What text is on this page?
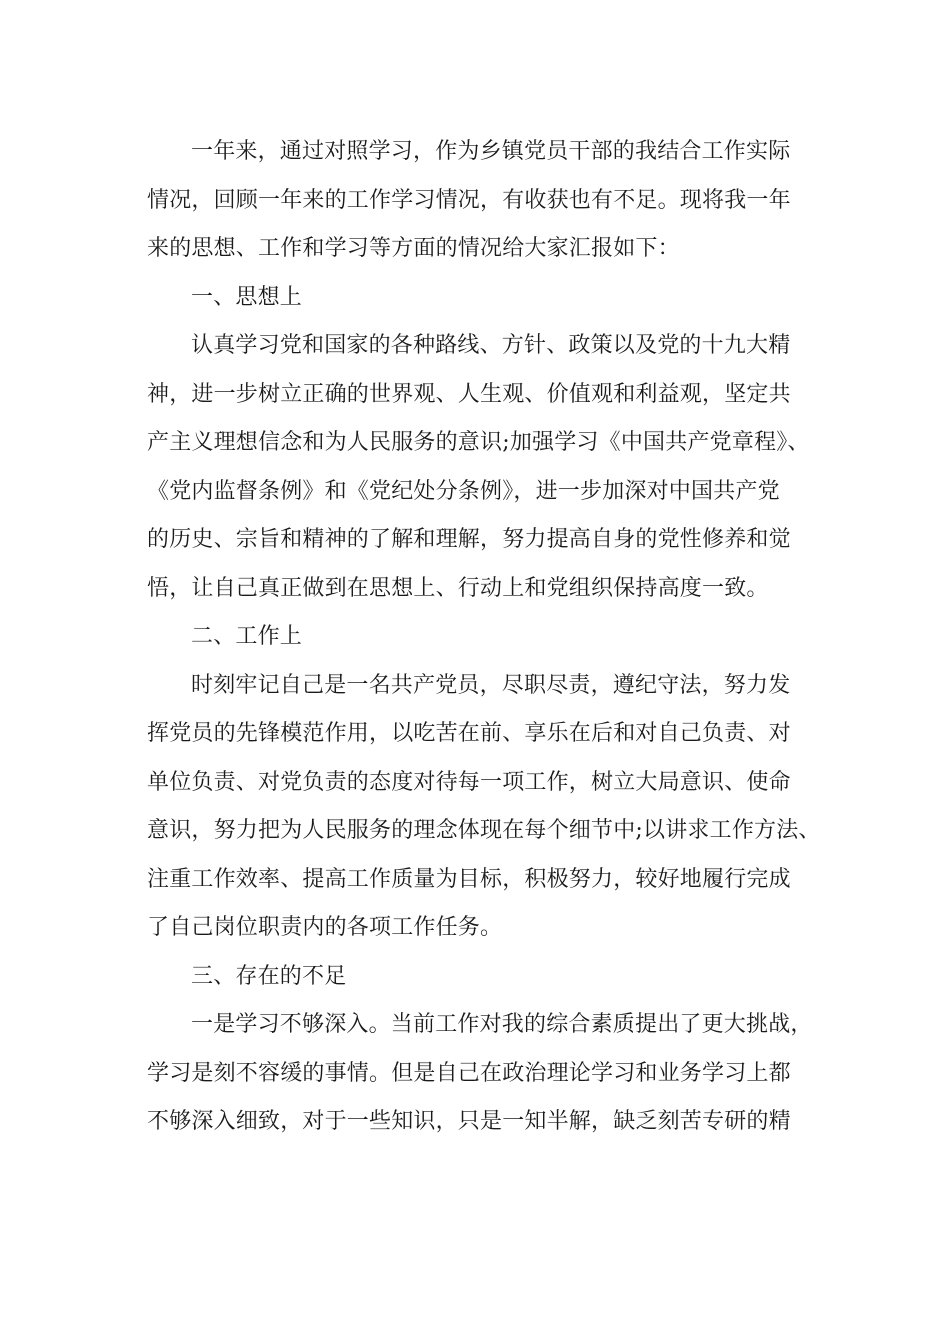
一年来，通过对照学习，作为乡镇党员干部的我结合工作实际
情况，回顾一年来的工作学习情况，有收获也有不足。现将我一年
来的思想、工作和学习等方面的情况给大家汇报如下：
一、思想上
认真学习党和国家的各种路线、方针、政策以及党的十九大精
神，进一步树立正确的世界观、人生观、价值观和利益观，坚定共
产主义理想信念和为人民服务的意识;加强学习《中国共产党章程》、
《党内监督条例》和《党纪处分条例》，进一步加深对中国共产党
的历史、宗旨和精神的了解和理解，努力提高自身的党性修养和觉
悟，让自己真正做到在思想上、行动上和党组织保持高度一致。
二、工作上
时刻牢记自己是一名共产党员，尽职尽责，遵纪守法，努力发
挥党员的先锋模范作用，以吃苦在前、享乐在后和对自己负责、对
单位负责、对党负责的态度对待每一项工作，树立大局意识、使命
意识，努力把为人民服务的理念体现在每个细节中;以讲求工作方法、
注重工作效率、提高工作质量为目标，积极努力，较好地履行完成
了自己岗位职责内的各项工作任务。
三、存在的不足
一是学习不够深入。当前工作对我的综合素质提出了更大挑战，
学习是刻不容缓的事情。但是自己在政治理论学习和业务学习上都
不够深入细致，对于一些知识，只是一知半解，缺乏刻苦专研的精
